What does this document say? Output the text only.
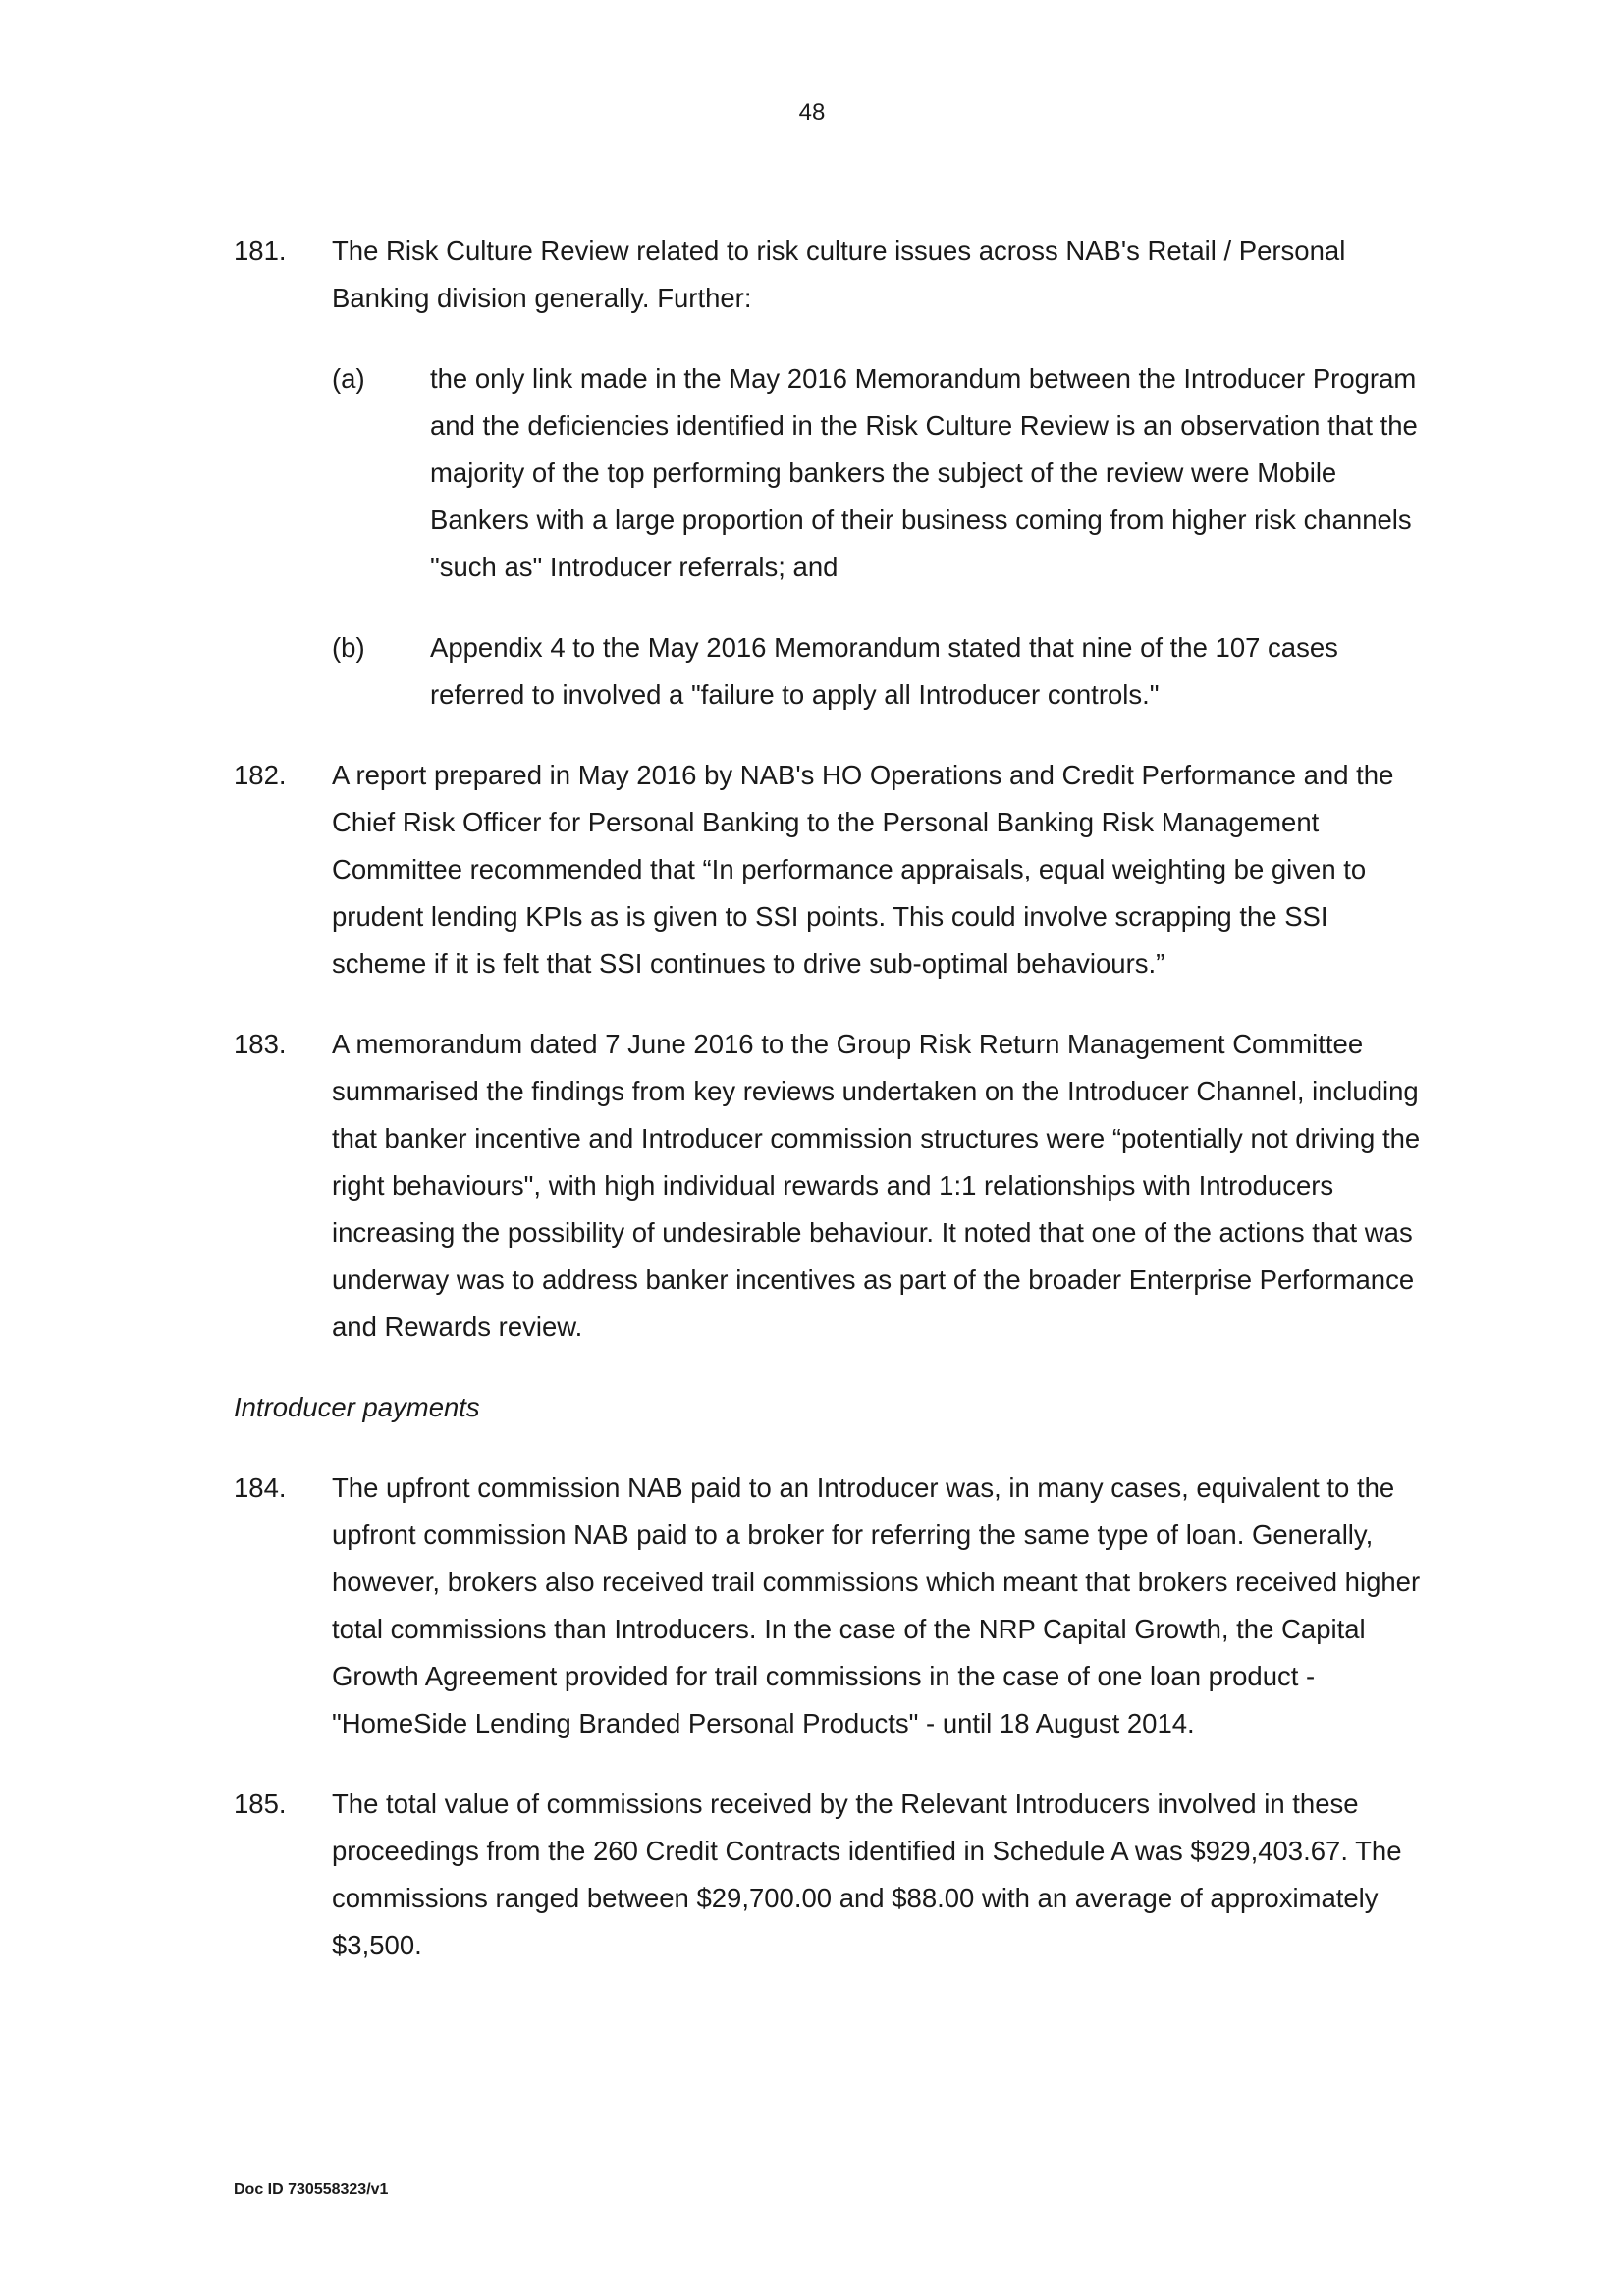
48
181. The Risk Culture Review related to risk culture issues across NAB's Retail / Personal Banking division generally. Further:
(a) the only link made in the May 2016 Memorandum between the Introducer Program and the deficiencies identified in the Risk Culture Review is an observation that the majority of the top performing bankers the subject of the review were Mobile Bankers with a large proportion of their business coming from higher risk channels "such as" Introducer referrals; and
(b) Appendix 4 to the May 2016 Memorandum stated that nine of the 107 cases referred to involved a "failure to apply all Introducer controls."
182. A report prepared in May 2016 by NAB's HO Operations and Credit Performance and the Chief Risk Officer for Personal Banking to the Personal Banking Risk Management Committee recommended that “In performance appraisals, equal weighting be given to prudent lending KPIs as is given to SSI points. This could involve scrapping the SSI scheme if it is felt that SSI continues to drive sub-optimal behaviours.”
183. A memorandum dated 7 June 2016 to the Group Risk Return Management Committee summarised the findings from key reviews undertaken on the Introducer Channel, including that banker incentive and Introducer commission structures were “potentially not driving the right behaviours", with high individual rewards and 1:1 relationships with Introducers increasing the possibility of undesirable behaviour. It noted that one of the actions that was underway was to address banker incentives as part of the broader Enterprise Performance and Rewards review.
Introducer payments
184. The upfront commission NAB paid to an Introducer was, in many cases, equivalent to the upfront commission NAB paid to a broker for referring the same type of loan. Generally, however, brokers also received trail commissions which meant that brokers received higher total commissions than Introducers. In the case of the NRP Capital Growth, the Capital Growth Agreement provided for trail commissions in the case of one loan product - "HomeSide Lending Branded Personal Products" - until 18 August 2014.
185. The total value of commissions received by the Relevant Introducers involved in these proceedings from the 260 Credit Contracts identified in Schedule A was $929,403.67. The commissions ranged between $29,700.00 and $88.00 with an average of approximately $3,500.
Doc ID 730558323/v1
